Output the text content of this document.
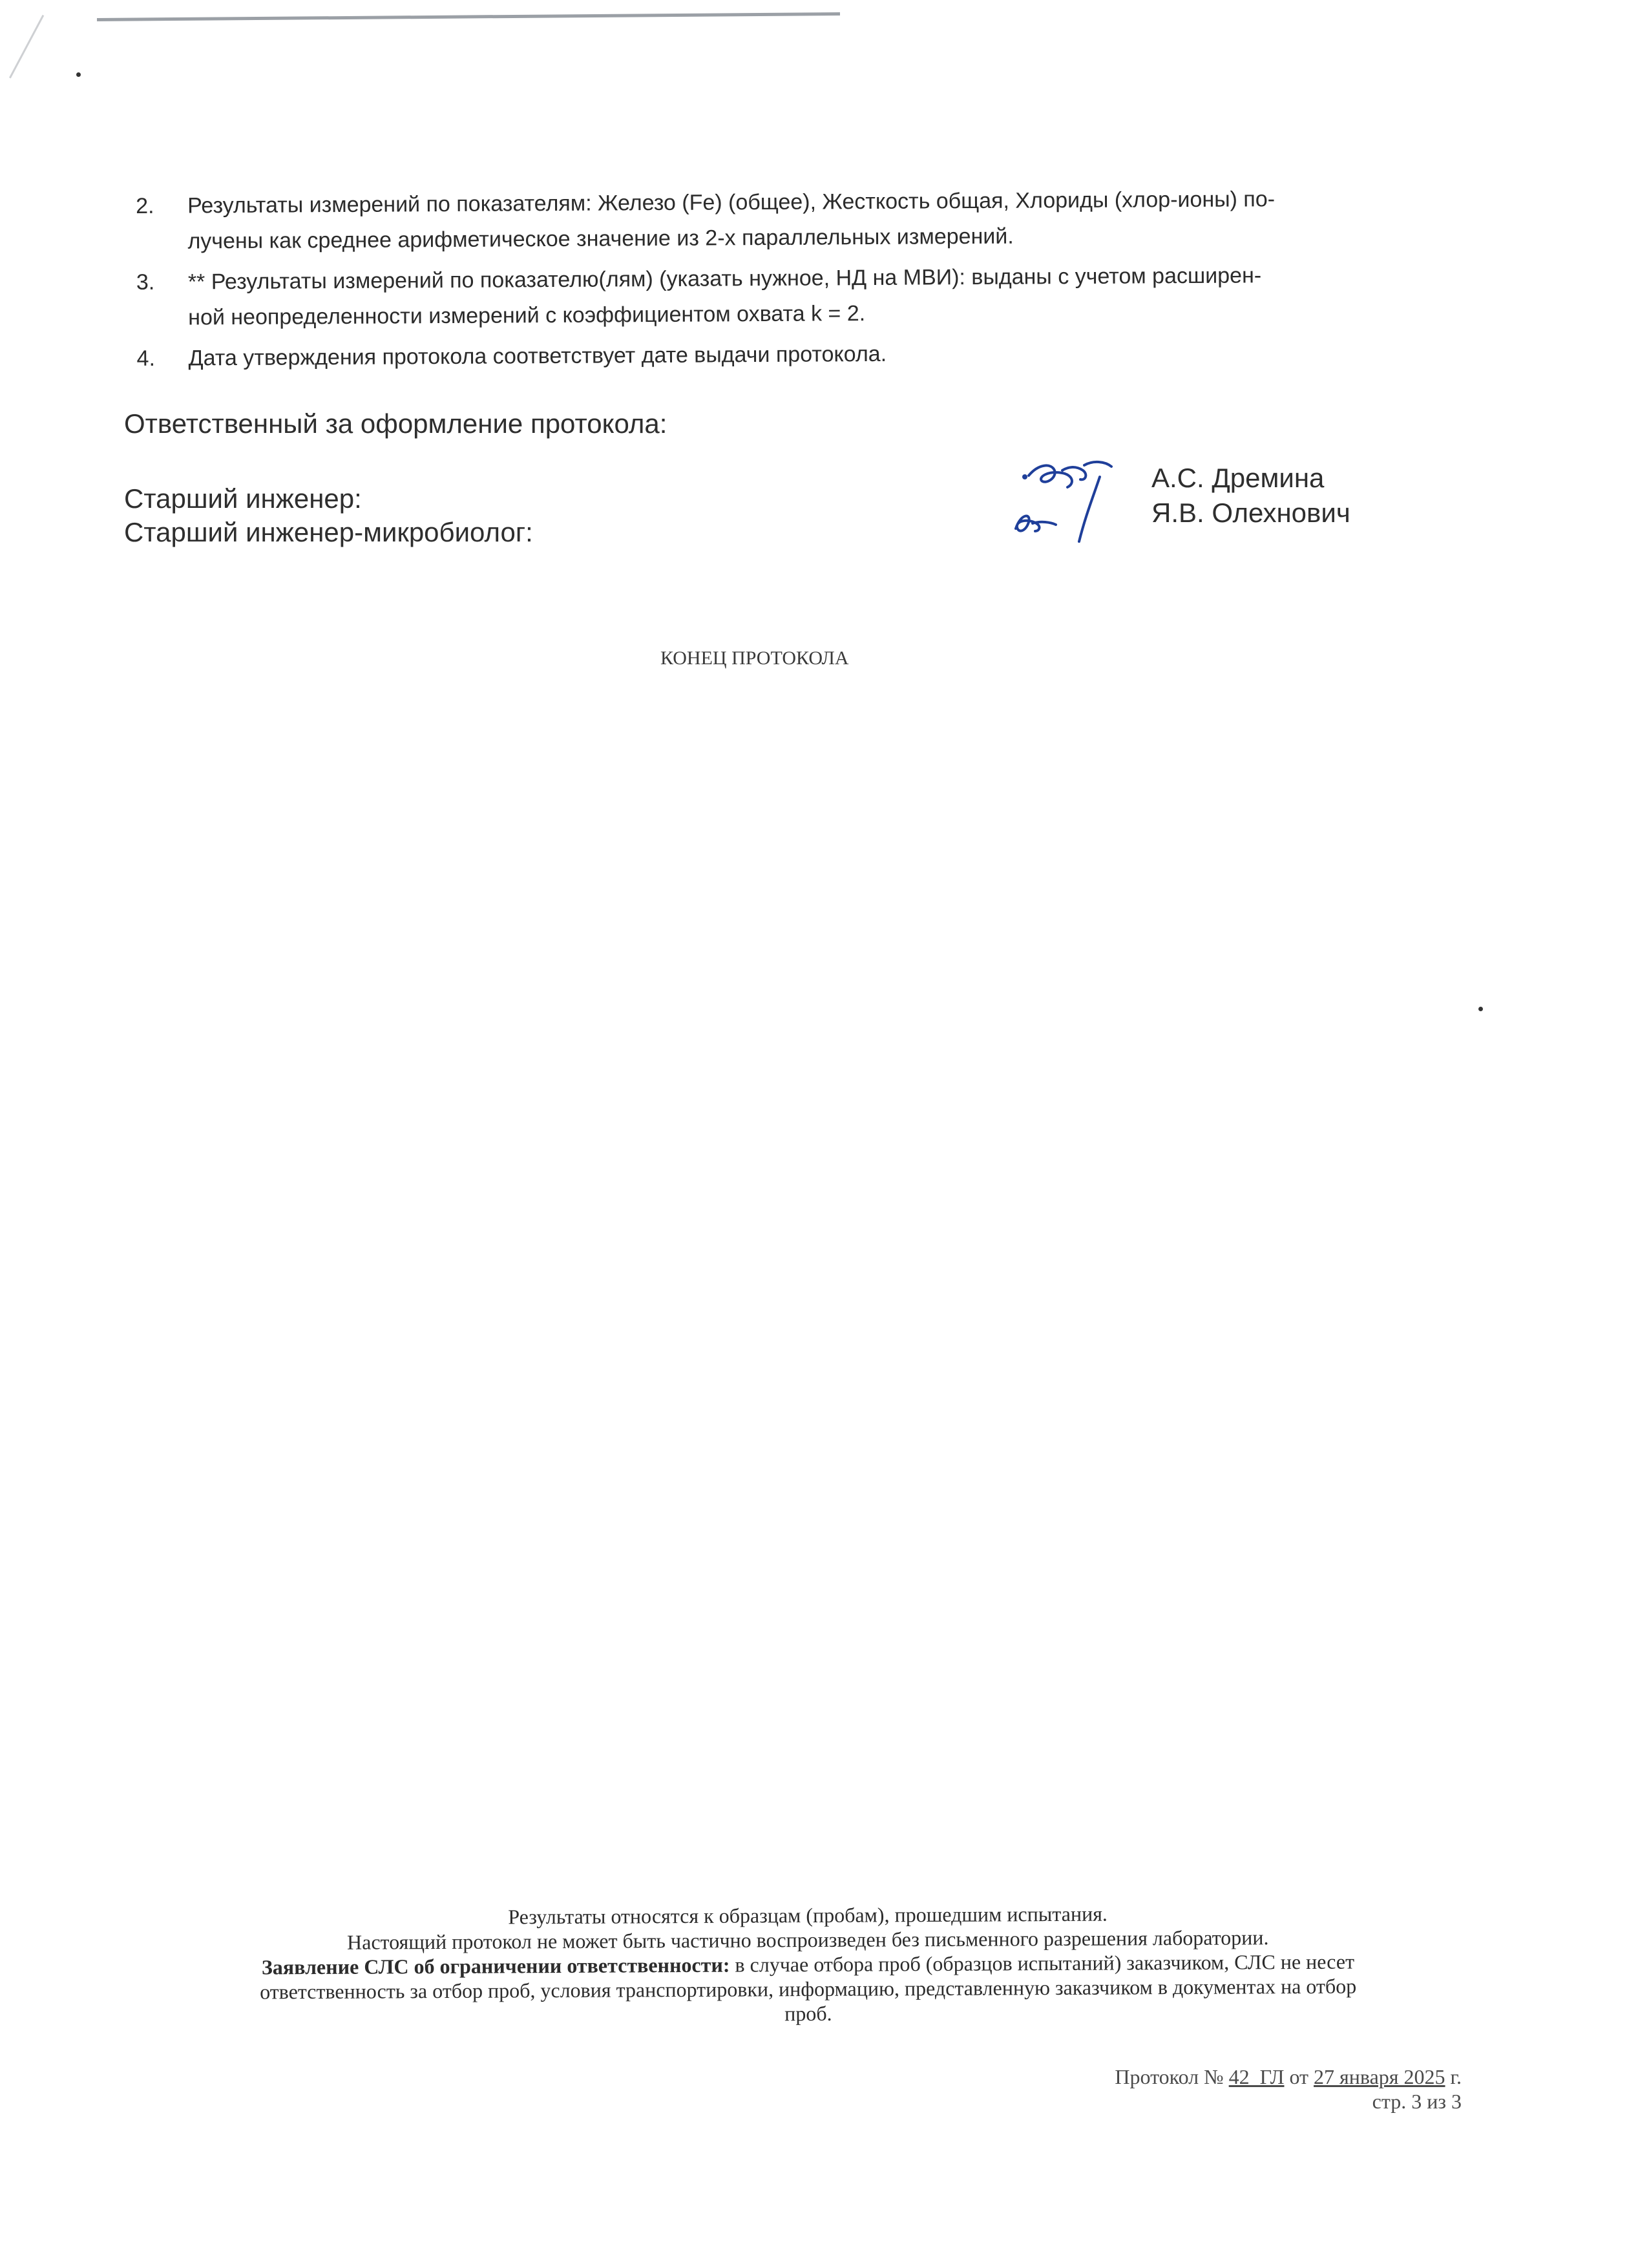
2. Результаты измерений по показателям: Железо (Fe) (общее), Жесткость общая, Хлориды (хлор-ионы) по-
лучены как среднее арифметическое значение из 2-х параллельных измерений.
3. ** Результаты измерений по показателю(лям) (указать нужное, НД на МВИ): выданы с учетом расширен-
ной неопределенности измерений с коэффициентом охвата k = 2.
4. Дата утверждения протокола соответствует дате выдачи протокола.
Ответственный за оформление протокола:
Старший инженер:
Старший инженер-микробиолог:
А.С. Дремина
Я.В. Олехнович
КОНЕЦ ПРОТОКОЛА
Результаты относятся к образцам (пробам), прошедшим испытания.
Настоящий протокол не может быть частично воспроизведен без письменного разрешения лаборатории.
Заявление СЛС об ограничении ответственности: в случае отбора проб (образцов испытаний) заказчиком, СЛС не несет
ответственность за отбор проб, условия транспортировки, информацию, представленную заказчиком в документах на отбор
проб.
Протокол № 42_ГЛ от 27 января 2025 г.
стр. 3 из 3
